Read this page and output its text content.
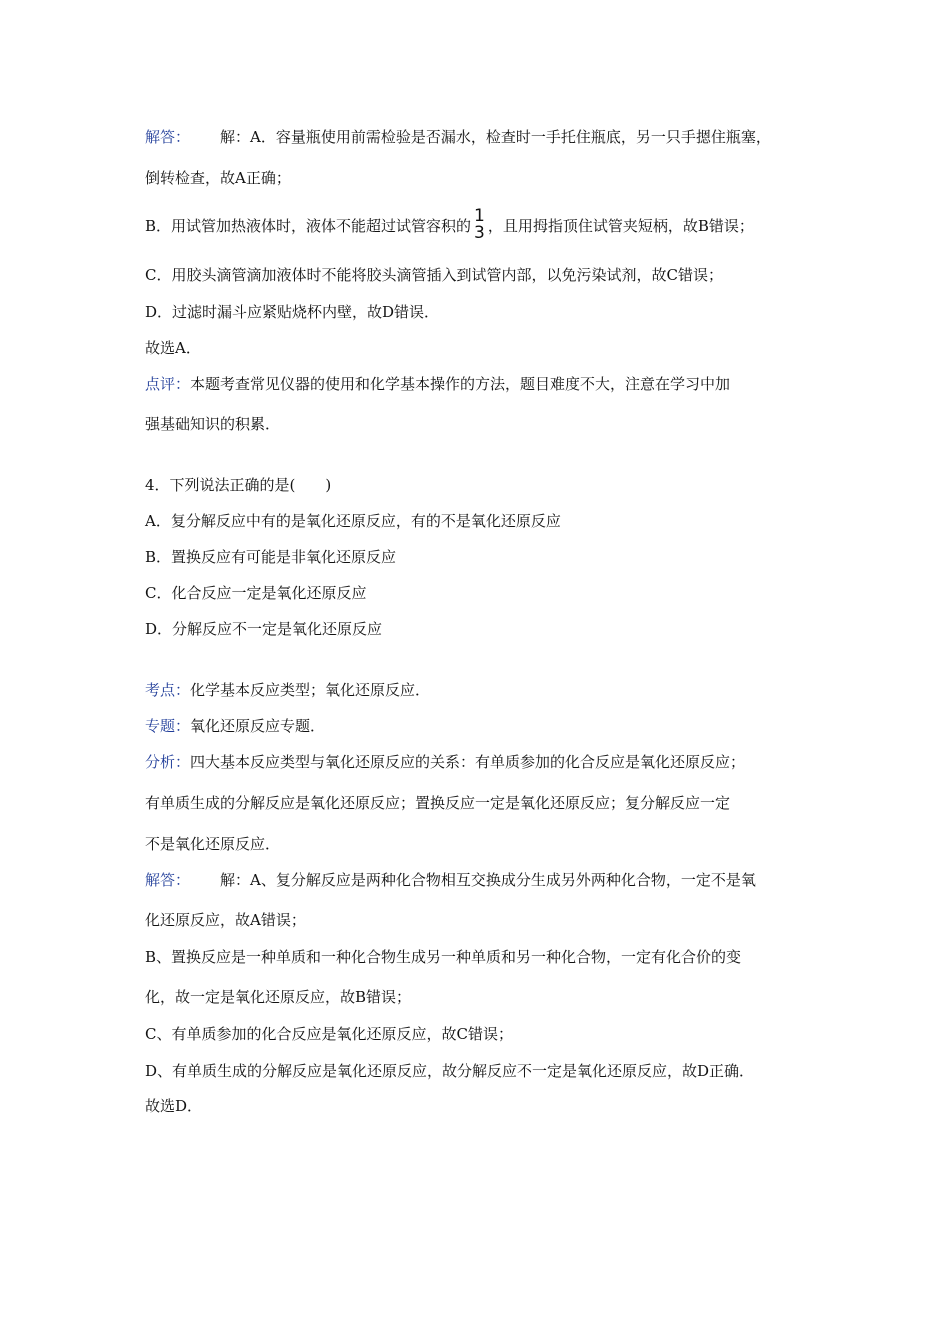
解答： 解：A．容量瓶使用前需检验是否漏水，检查时一手托住瓶底，另一只手摁住瓶塞，
倒转检查，故A正确；
B．用试管加热液体时，液体不能超过试管容积的 1
3 ，且用拇指顶住试管夹短柄，故B错误；
C．用胶头滴管滴加液体时不能将胶头滴管插入到试管内部，以免污染试剂，故C错误；
D．过滤时漏斗应紧贴烧杯内壁，故D错误．
故选A．
点评：本题考查常见仪器的使用和化学基本操作的方法，题目难度不大，注意在学习中加
强基础知识的积累．
4．下列说法正确的是(　　)
A．复分解反应中有的是氧化还原反应，有的不是氧化还原反应
B．置换反应有可能是非氧化还原反应
C．化合反应一定是氧化还原反应
D．分解反应不一定是氧化还原反应
考点：化学基本反应类型；氧化还原反应．
专题：氧化还原反应专题．
分析：四大基本反应类型与氧化还原反应的关系：有单质参加的化合反应是氧化还原反应；
有单质生成的分解反应是氧化还原反应；置换反应一定是氧化还原反应；复分解反应一定
不是氧化还原反应．
解答： 解：A、复分解反应是两种化合物相互交换成分生成另外两种化合物，一定不是氧
化还原反应，故A错误；
B、置换反应是一种单质和一种化合物生成另一种单质和另一种化合物，一定有化合价的变
化，故一定是氧化还原反应，故B错误；
C、有单质参加的化合反应是氧化还原反应，故C错误；
D、有单质生成的分解反应是氧化还原反应，故分解反应不一定是氧化还原反应，故D正确．
故选D．
